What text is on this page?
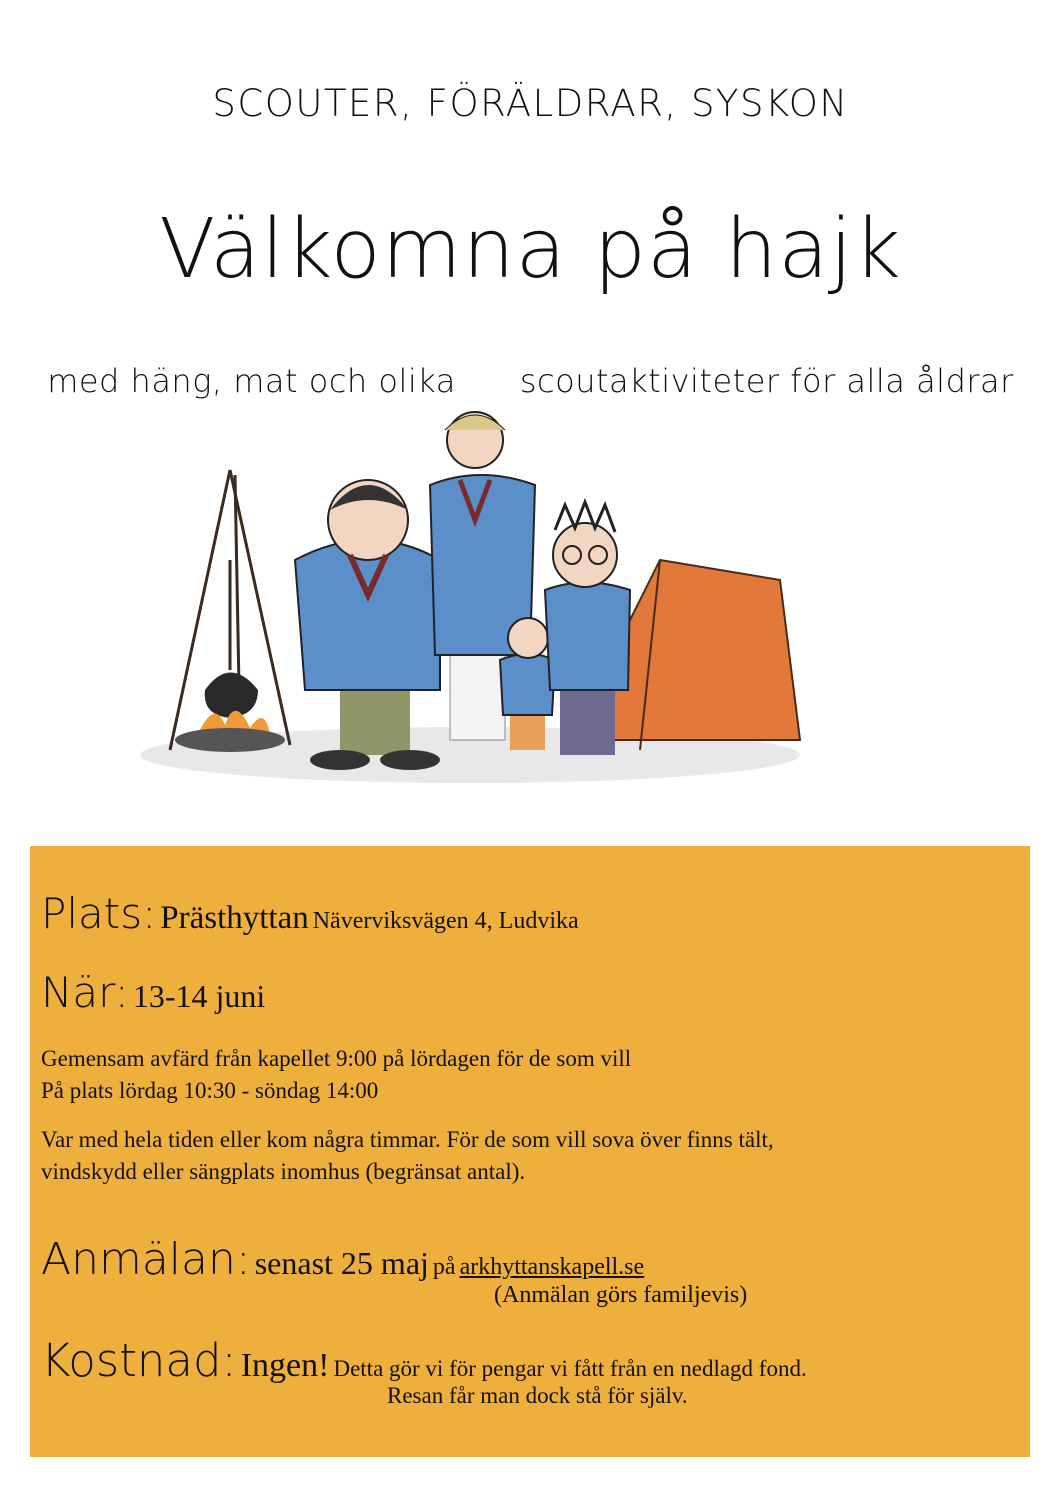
SCOUTER, FÖRÄLDRAR, SYSKON
Välkomna på hajk
med häng, mat och olika      scoutaktiviteter för alla åldrar
Plats: Prästhyttan Näverviksvägen 4, Ludvika
När: 13-14 juni
Gemensam avfärd från kapellet 9:00 på lördagen för de som vill
På plats lördag 10:30 - söndag 14:00
Var med hela tiden eller kom några timmar. För de som vill sova över finns tält,
vindskydd eller sängplats inomhus (begränsat antal).
Anmälan: senast 25 maj på arkhyttanskapell.se
(Anmälan görs familjevis)
Kostnad: Ingen! Detta gör vi för pengar vi fått från en nedlagd fond.
Resan får man dock stå för själv.
